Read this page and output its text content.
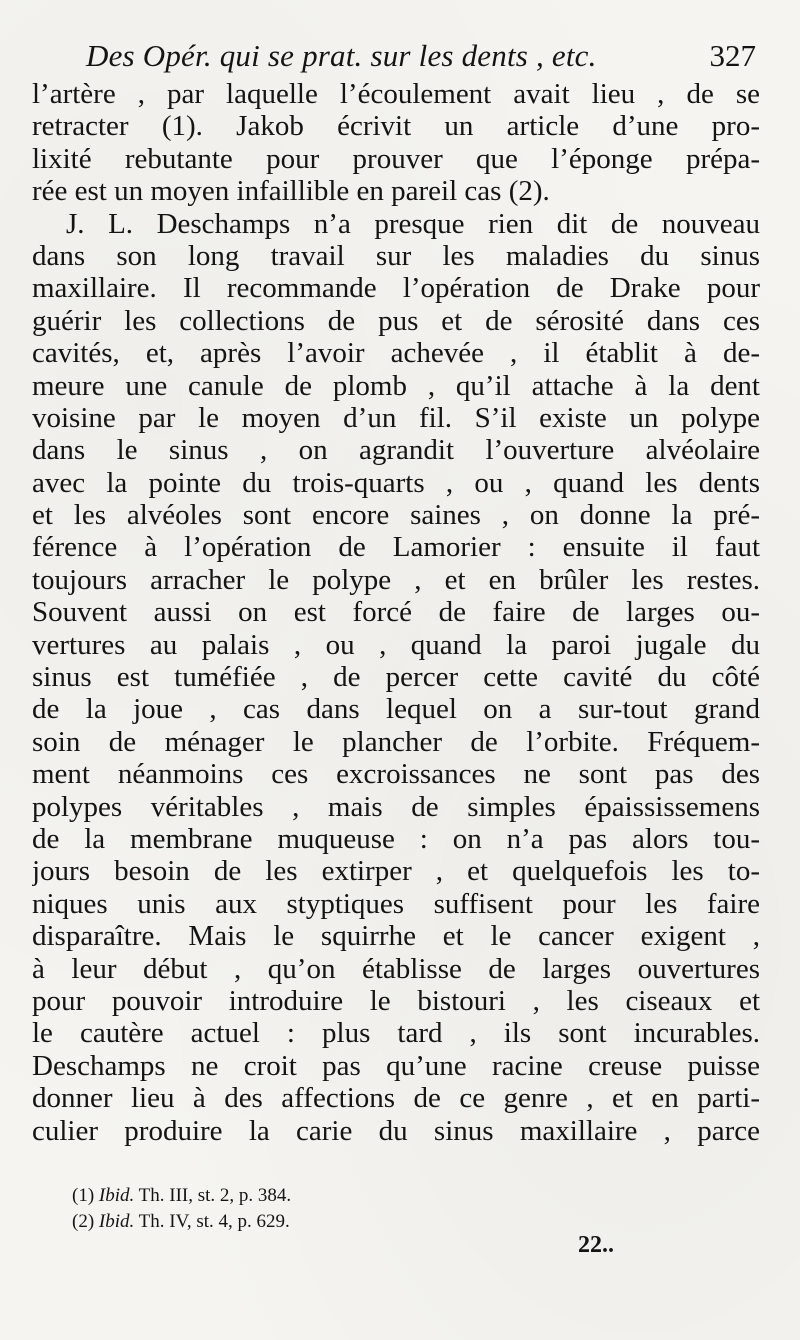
Des Opér. qui se prat. sur les dents , etc.	327
l’artère , par laquelle l’écoulement avait lieu , de se
retracter (1). Jakob écrivit un article d’une pro-
lixité rebutante pour prouver que l’éponge prépa-
rée est un moyen infaillible en pareil cas (2).
J. L. Deschamps n’a presque rien dit de nouveau
dans son long travail sur les maladies du sinus
maxillaire. Il recommande l’opération de Drake pour
guérir les collections de pus et de sérosité dans ces
cavités, et, après l’avoir achevée , il établit à de-
meure une canule de plomb , qu’il attache à la dent
voisine par le moyen d’un fil. S’il existe un polype
dans le sinus , on agrandit l’ouverture alvéolaire
avec la pointe du trois-quarts , ou , quand les dents
et les alvéoles sont encore saines , on donne la pré-
férence à l’opération de Lamorier : ensuite il faut
toujours arracher le polype , et en brûler les restes.
Souvent aussi on est forcé de faire de larges ou-
vertures au palais , ou , quand la paroi jugale du
sinus est tuméfiée , de percer cette cavité du côté
de la joue , cas dans lequel on a sur-tout grand
soin de ménager le plancher de l’orbite. Fréquem-
ment néanmoins ces excroissances ne sont pas des
polypes véritables , mais de simples épaississemens
de la membrane muqueuse : on n’a pas alors tou-
jours besoin de les extirper , et quelquefois les to-
niques unis aux styptiques suffisent pour les faire
disparaître. Mais le squirrhe et le cancer exigent ,
à leur début , qu’on établisse de larges ouvertures
pour pouvoir introduire le bistouri , les ciseaux et
le cautère actuel : plus tard , ils sont incurables.
Deschamps ne croit pas qu’une racine creuse puisse
donner lieu à des affections de ce genre , et en parti-
culier produire la carie du sinus maxillaire , parce
(1) Ibid. Th. III, st. 2, p. 384.
(2) Ibid. Th. IV, st. 4, p. 629.
22..
